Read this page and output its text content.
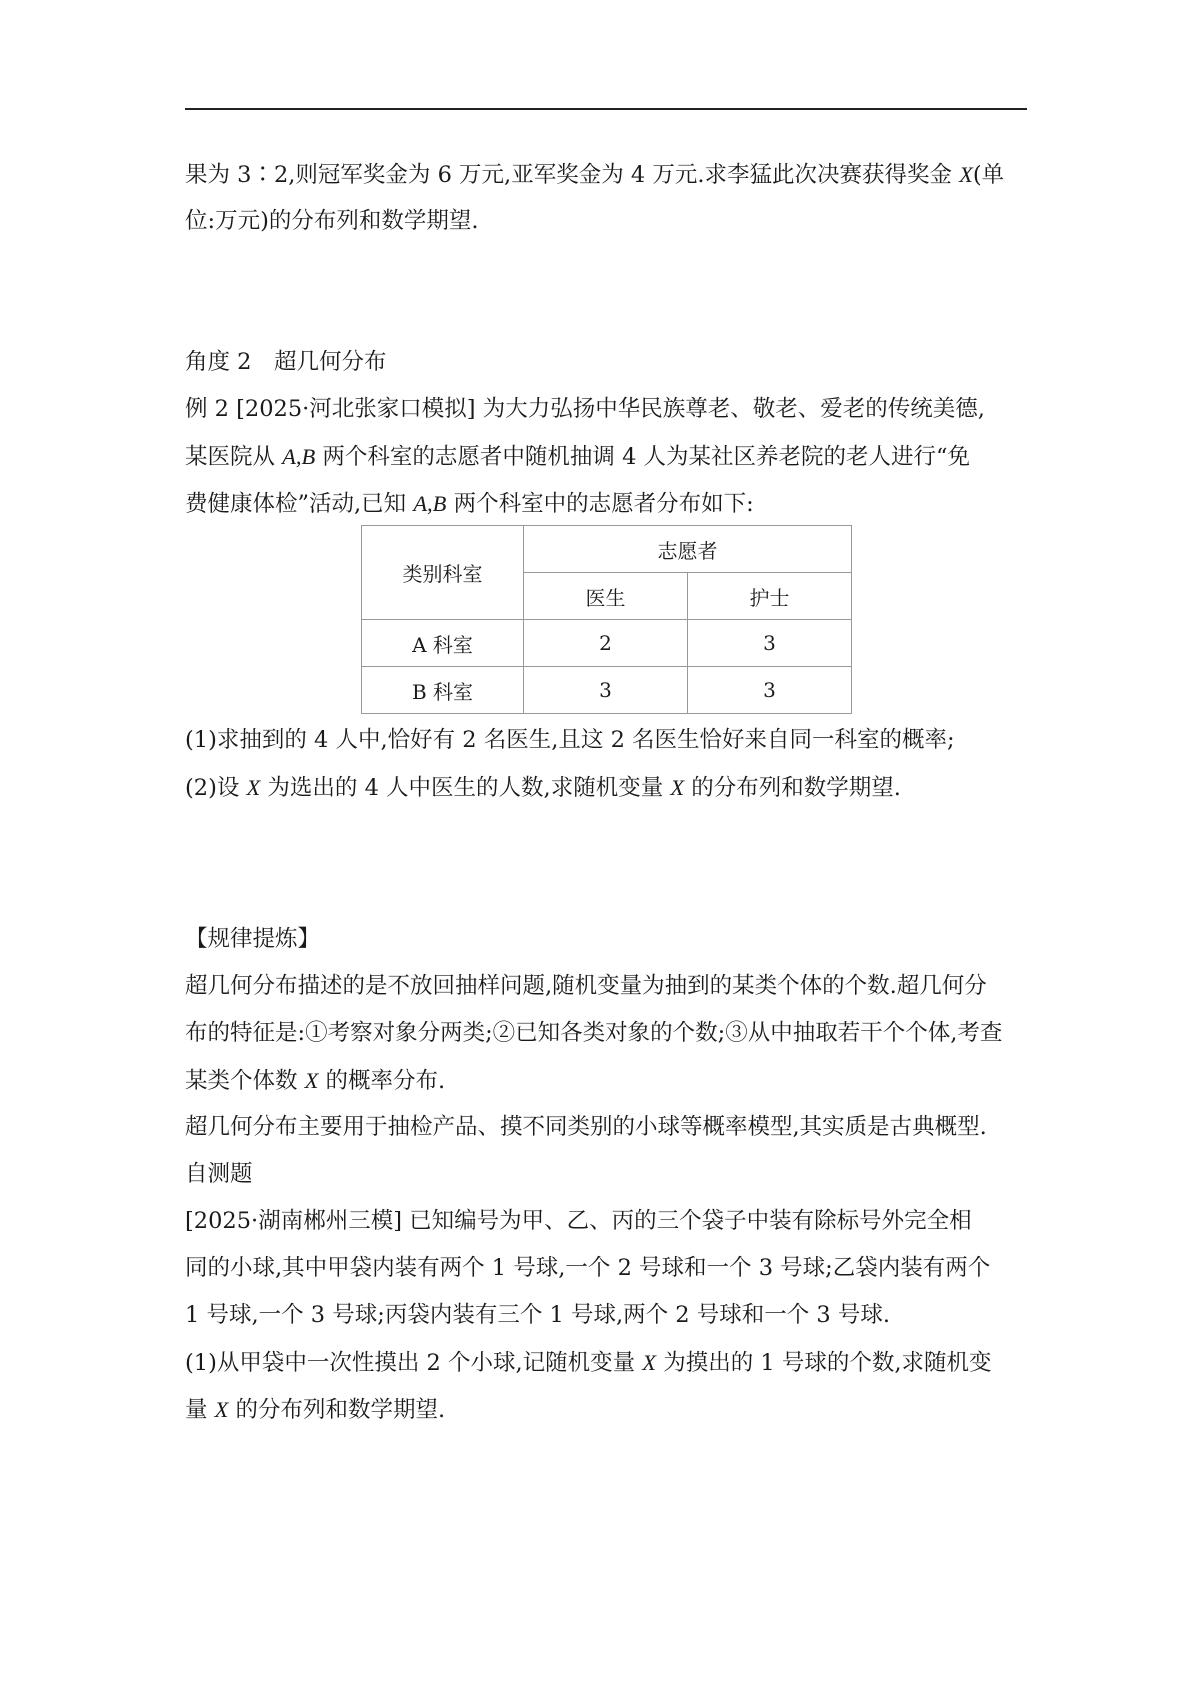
果为 3∶2,则冠军奖金为 6 万元,亚军奖金为 4 万元.求李猛此次决赛获得奖金 X(单
位:万元)的分布列和数学期望.
角度 2　超几何分布
例 2 [2025·河北张家口模拟] 为大力弘扬中华民族尊老、敬老、爱老的传统美德,
某医院从 A,B 两个科室的志愿者中随机抽调 4 人为某社区养老院的老人进行“免
费健康体检”活动,已知 A,B 两个科室中的志愿者分布如下:
类别科室	志愿者	
	医生	护士
A 科室	2	3
B 科室	3	3
(1)求抽到的 4 人中,恰好有 2 名医生,且这 2 名医生恰好来自同一科室的概率;
(2)设 X 为选出的 4 人中医生的人数,求随机变量 X 的分布列和数学期望.
【规律提炼】
超几何分布描述的是不放回抽样问题,随机变量为抽到的某类个体的个数.超几何分
布的特征是:①考察对象分两类;②已知各类对象的个数;③从中抽取若干个个体,考查
某类个体数 X 的概率分布.
超几何分布主要用于抽检产品、摸不同类别的小球等概率模型,其实质是古典概型.
自测题
[2025·湖南郴州三模] 已知编号为甲、乙、丙的三个袋子中装有除标号外完全相
同的小球,其中甲袋内装有两个 1 号球,一个 2 号球和一个 3 号球;乙袋内装有两个
1 号球,一个 3 号球;丙袋内装有三个 1 号球,两个 2 号球和一个 3 号球.
(1)从甲袋中一次性摸出 2 个小球,记随机变量 X 为摸出的 1 号球的个数,求随机变
量 X 的分布列和数学期望.
